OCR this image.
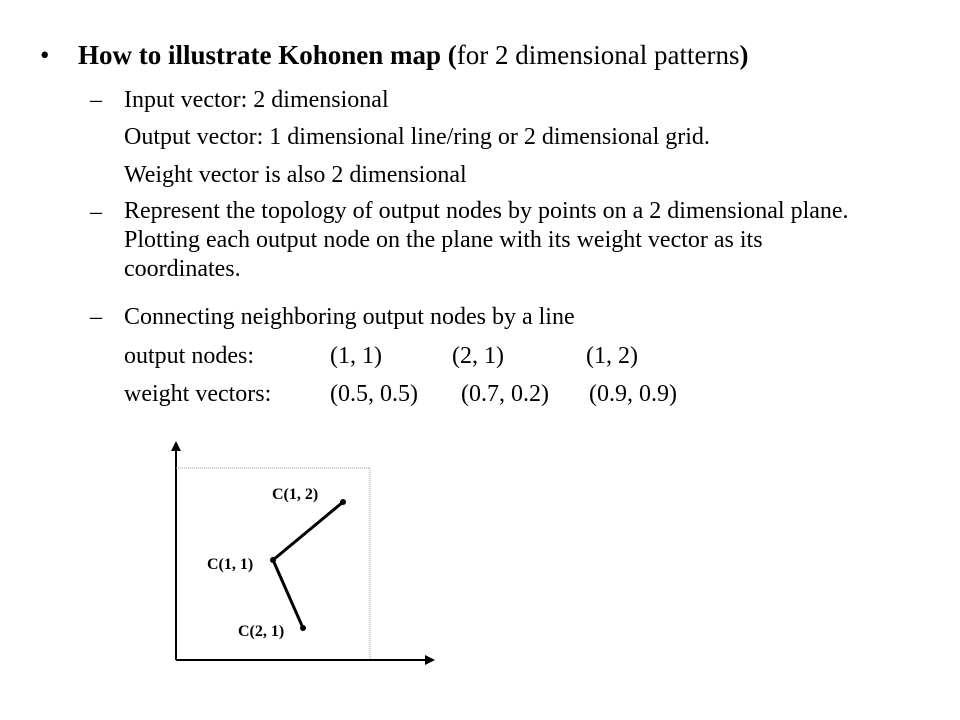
• How to illustrate Kohonen map (for 2 dimensional patterns)
– Input vector: 2 dimensional
Output vector: 1 dimensional line/ring or 2 dimensional grid.
Weight vector is also 2 dimensional
– Represent the topology of output nodes by points on a 2 dimensional plane. Plotting each output node on the plane with its weight vector as its coordinates.
– Connecting neighboring output nodes by a line
output nodes:	(1, 1)	(2, 1)	(1, 2)
weight vectors: (0.5, 0.5) (0.7, 0.2) (0.9, 0.9)
C(1, 2)
C(1, 1)
C(2, 1)
